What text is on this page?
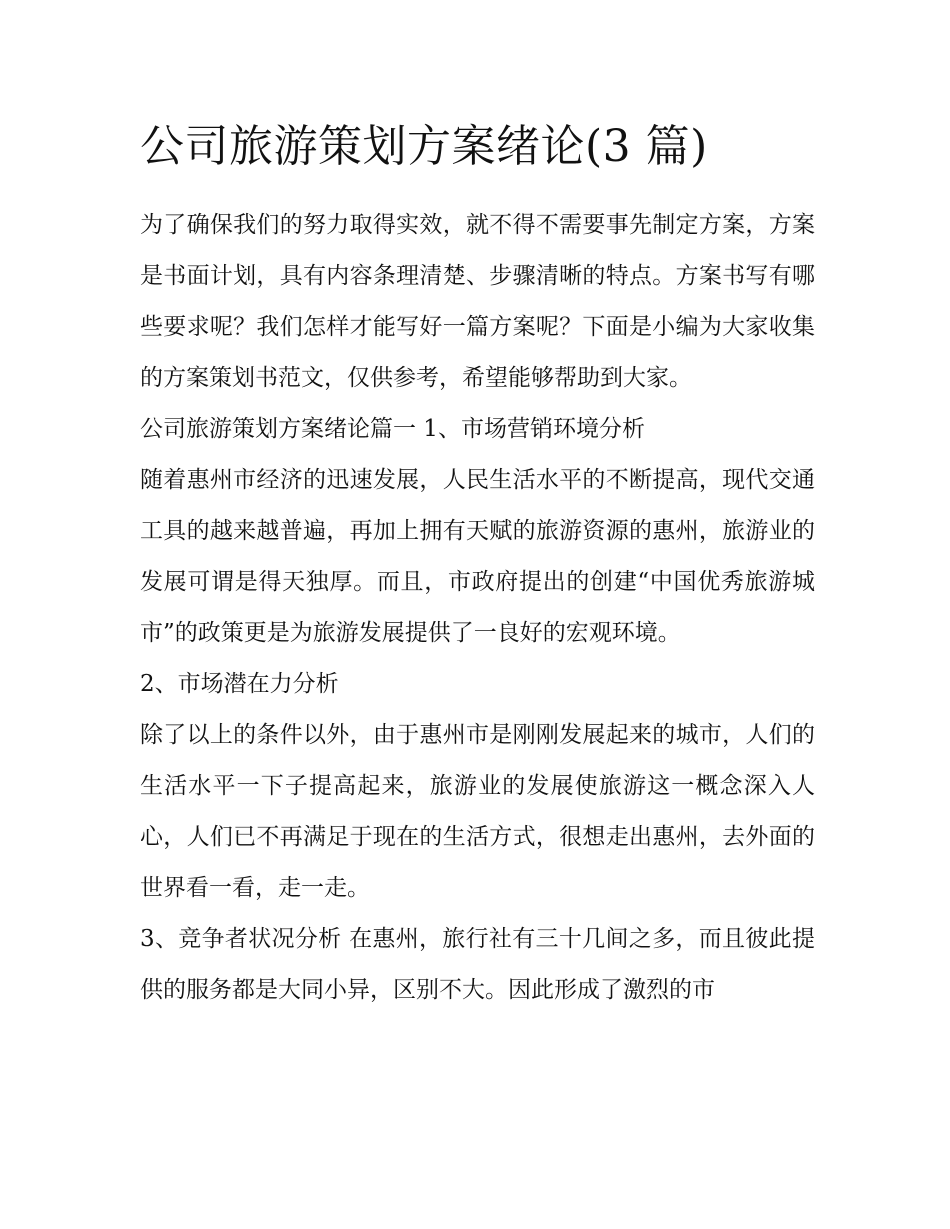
公司旅游策划方案绪论(3 篇)

为了确保我们的努力取得实效，就不得不需要事先制定方案，方案是书面计划，具有内容条理清楚、步骤清晰的特点。方案书写有哪些要求呢？我们怎样才能写好一篇方案呢？下面是小编为大家收集的方案策划书范文，仅供参考，希望能够帮助到大家。

公司旅游策划方案绪论篇一 1、市场营销环境分析

随着惠州市经济的迅速发展，人民生活水平的不断提高，现代交通工具的越来越普遍，再加上拥有天赋的旅游资源的惠州，旅游业的发展可谓是得天独厚。而且，市政府提出的创建“中国优秀旅游城市”的政策更是为旅游发展提供了一良好的宏观环境。

2、市场潜在力分析

除了以上的条件以外，由于惠州市是刚刚发展起来的城市，人们的生活水平一下子提高起来，旅游业的发展使旅游这一概念深入人心，人们已不再满足于现在的生活方式，很想走出惠州，去外面的世界看一看，走一走。

3、竞争者状况分析 在惠州，旅行社有三十几间之多，而且彼此提供的服务都是大同小异，区别不大。因此形成了激烈的市
